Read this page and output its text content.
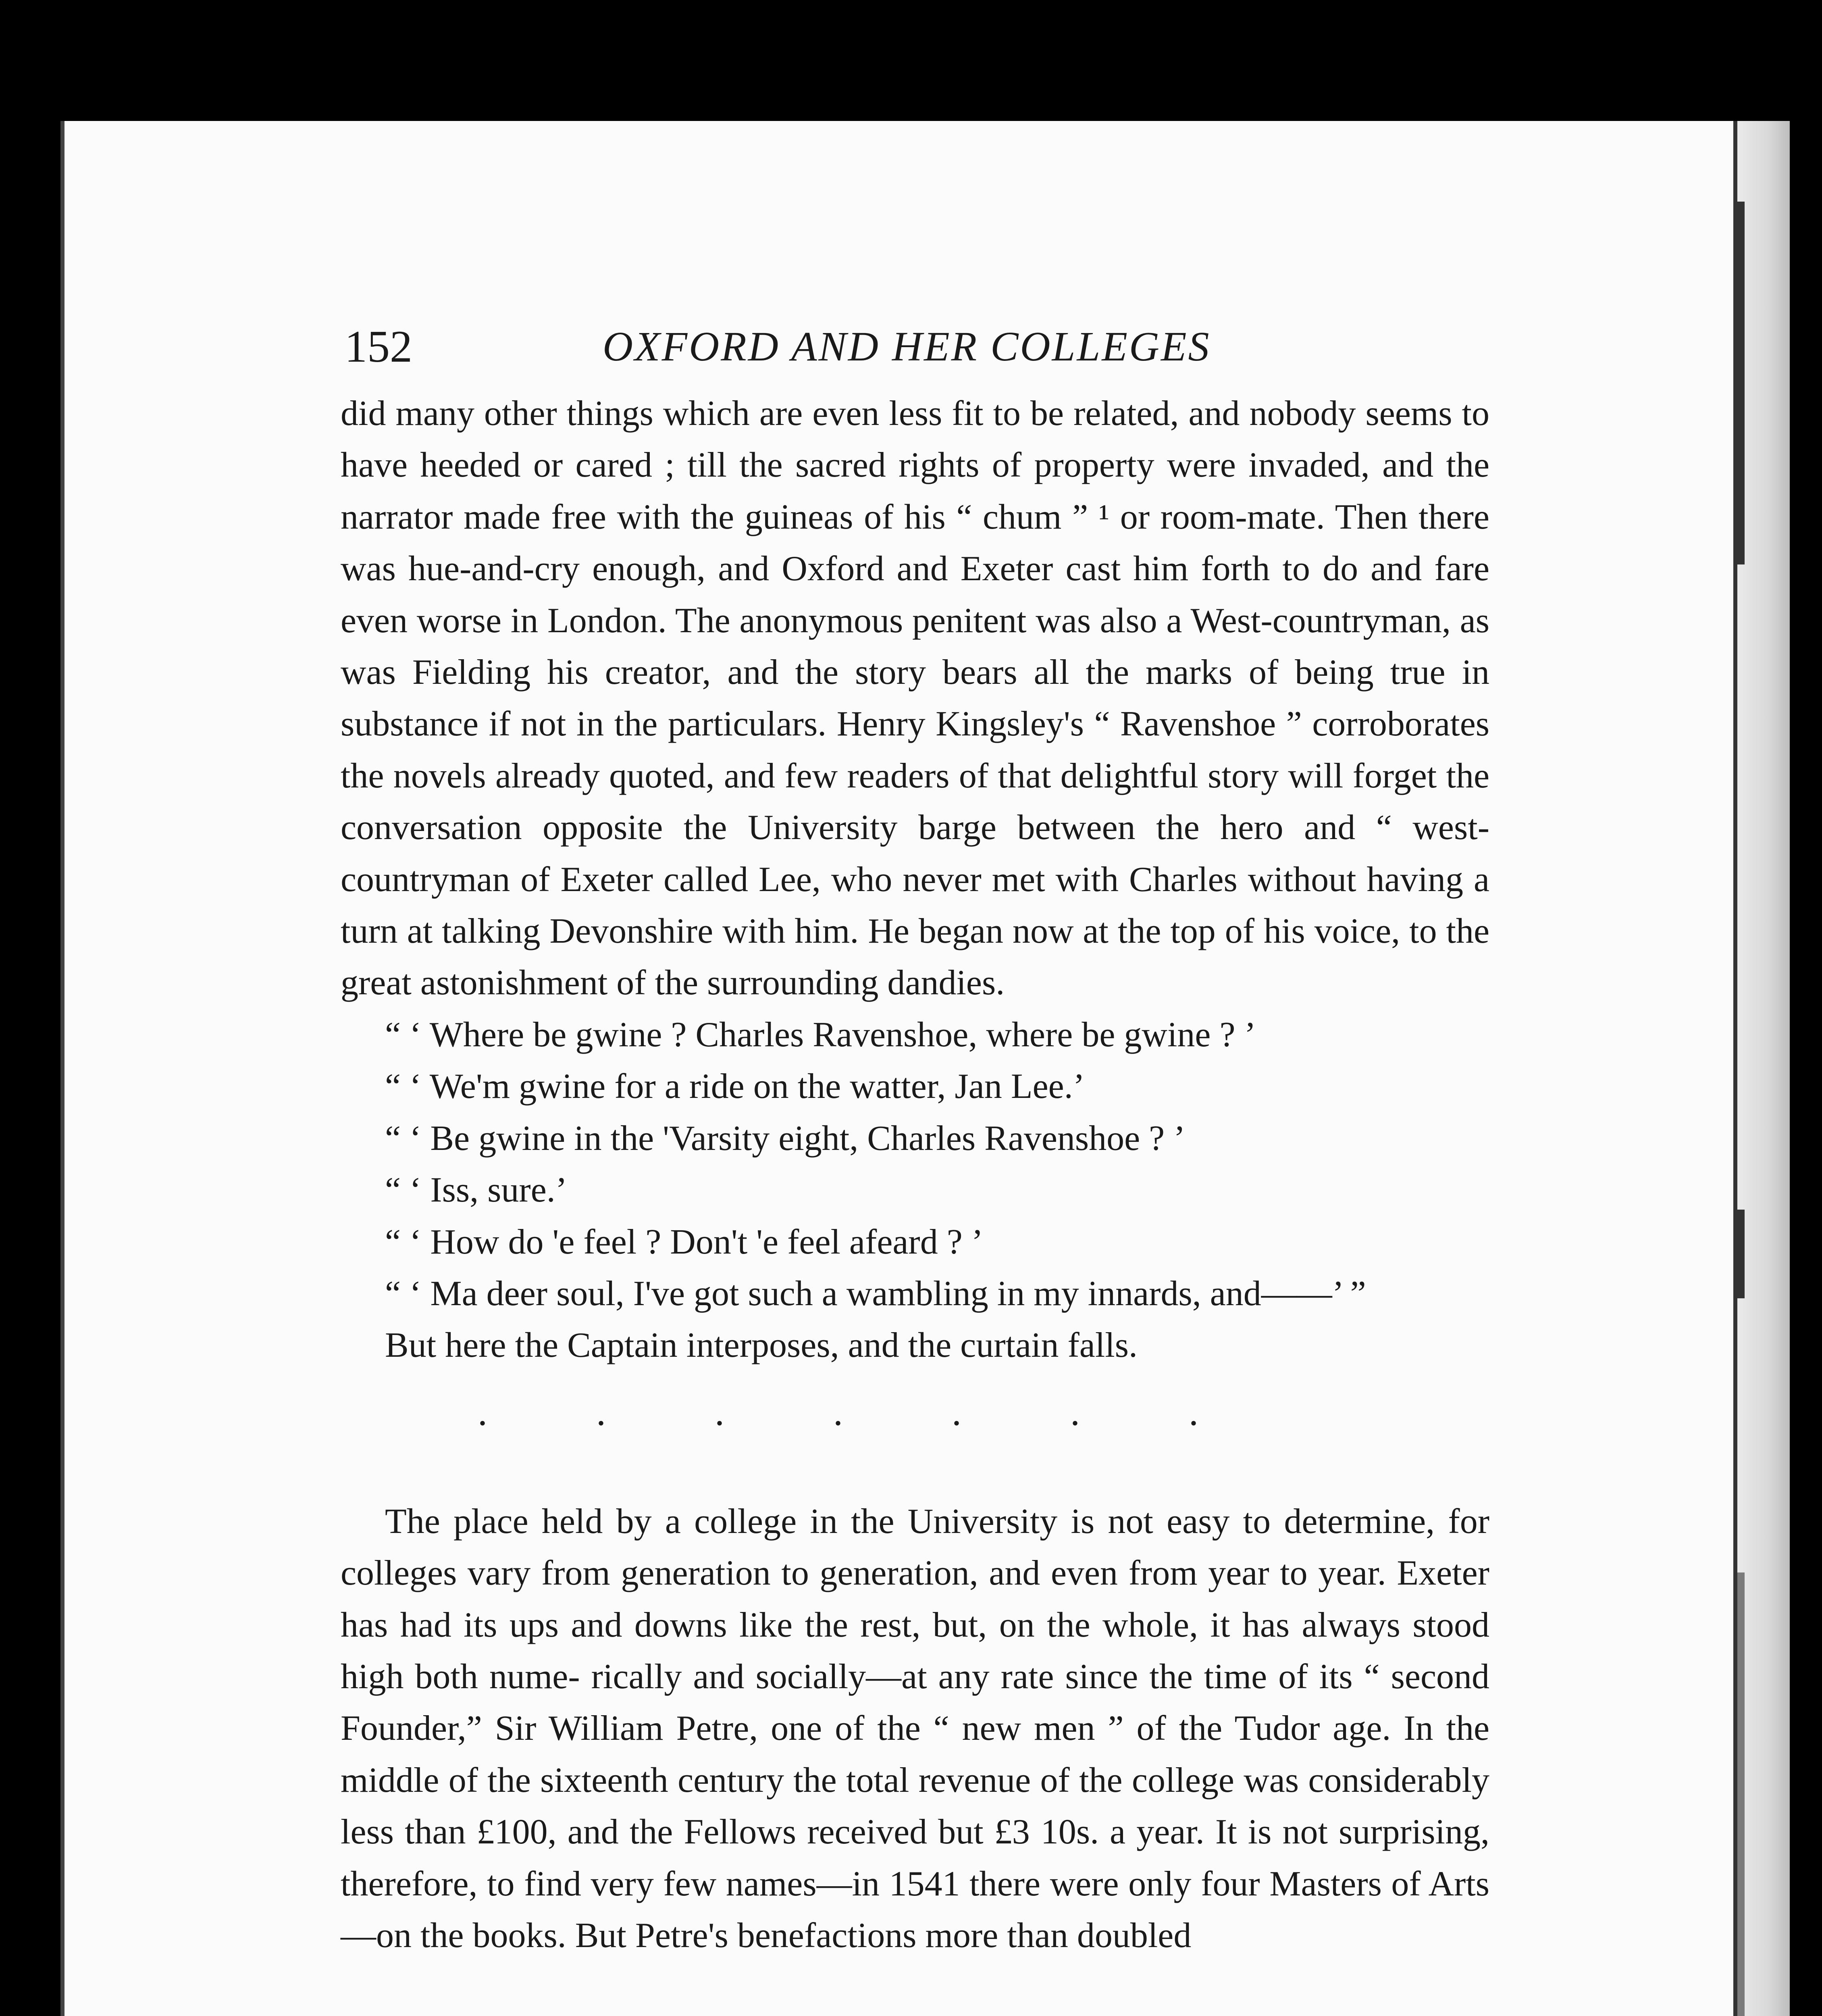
152	OXFORD AND HER COLLEGES

did many other things which are even less fit to be related, and nobody seems to have heeded or cared ; till the sacred rights of property were invaded, and the narrator made free with the guineas of his “ chum ” ¹ or room-mate. Then there was hue-and-cry enough, and Oxford and Exeter cast him forth to do and fare even worse in London. The anonymous penitent was also a West-countryman, as was Fielding his creator, and the story bears all the marks of being true in substance if not in the particulars. Henry Kingsley's “ Ravenshoe ” corroborates the novels already quoted, and few readers of that delightful story will forget the conversation opposite the University barge between the hero and “ west-countryman of Exeter called Lee, who never met with Charles without having a turn at talking Devonshire with him. He began now at the top of his voice, to the great astonishment of the surrounding dandies.

“ ‘ Where be gwine ? Charles Ravenshoe, where be gwine ? ’

“ ‘ We'm gwine for a ride on the watter, Jan Lee.’

“ ‘ Be gwine in the 'Varsity eight, Charles Ravenshoe ? ’

“ ‘ Iss, sure.’

“ ‘ How do 'e feel ? Don't 'e feel afeard ? ’

“ ‘ Ma deer soul, I've got such a wambling in my innards, and——’ ”

But here the Captain interposes, and the curtain falls.

.	.	.	.	.	.	.

The place held by a college in the University is not easy to determine, for colleges vary from generation to generation, and even from year to year. Exeter has had its ups and downs like the rest, but, on the whole, it has always stood high both nume- rically and socially—at any rate since the time of its “ second Founder,” Sir William Petre, one of the “ new men ” of the Tudor age. In the middle of the sixteenth century the total revenue of the college was considerably less than £100, and the Fellows received but £3 10s. a year. It is not surprising, therefore, to find very few names—in 1541 there were only four Masters of Arts—on the books. But Petre's benefactions more than doubled
